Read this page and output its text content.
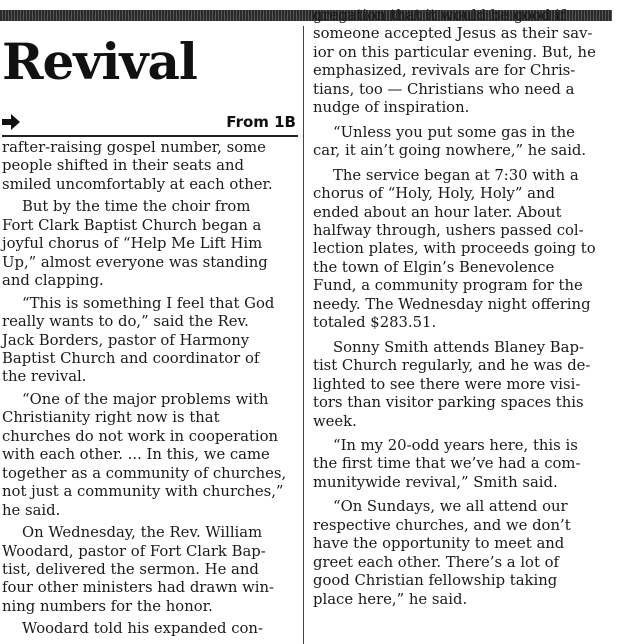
Revival
From 1B

rafter-raising gospel number, some

people shifted in their seats and

smiled uncomfortably at each other.

But by the time the choir from

Fort Clark Baptist Church began a

joyful chorus of “Help Me Lift Him

Up,” almost everyone was standing

and clapping.

“This is something I feel that God

really wants to do,” said the Rev.

Jack Borders, pastor of Harmony

Baptist Church and coordinator of

the revival.

“One of the major problems with

Christianity right now is that

churches do not work in cooperation

with each other. ... In this, we came

together as a community of churches,

not just a community with churches,”

he said.

On Wednesday, the Rev. William

Woodard, pastor of Fort Clark Bap-

tist, delivered the sermon. He and

four other ministers had drawn win-

ning numbers for the honor.

Woodard told his expanded con-

gregation that it would be good if

someone accepted Jesus as their sav-

ior on this particular evening. But, he

emphasized, revivals are for Chris-

tians, too — Christians who need a

nudge of inspiration.

“Unless you put some gas in the

car, it ain’t going nowhere,” he said.

The service began at 7:30 with a

chorus of “Holy, Holy, Holy” and

ended about an hour later. About

halfway through, ushers passed col-

lection plates, with proceeds going to

the town of Elgin’s Benevolence

Fund, a community program for the

needy. The Wednesday night offering

totaled $283.51.

Sonny Smith attends Blaney Bap-

tist Church regularly, and he was de-

lighted to see there were more visi-

tors than visitor parking spaces this

week.

“In my 20-odd years here, this is

the first time that we’ve had a com-

munitywide revival,” Smith said.

“On Sundays, we all attend our

respective churches, and we don’t

have the opportunity to meet and

greet each other. There’s a lot of

good Christian fellowship taking

place here,” he said.
